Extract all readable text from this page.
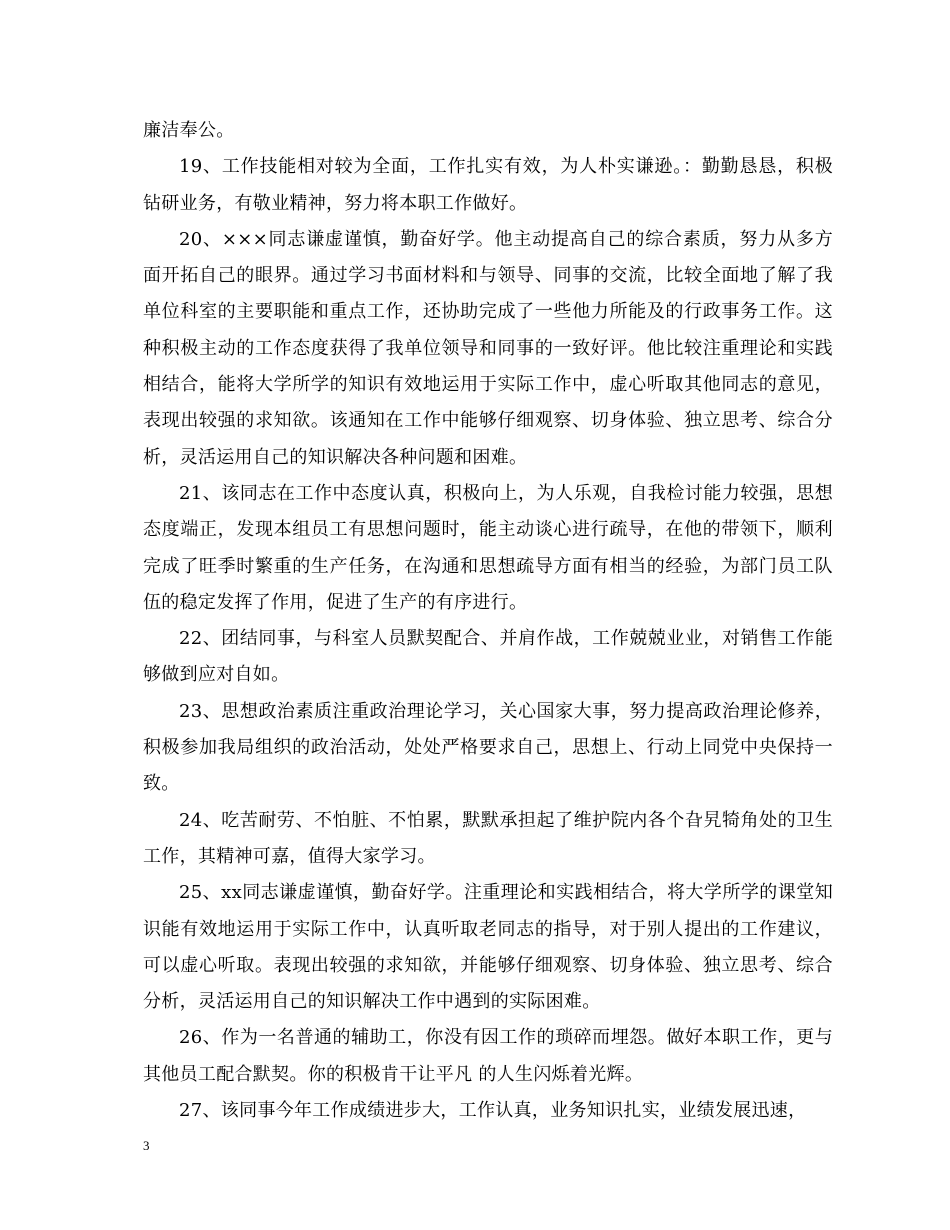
廉洁奉公。

19、工作技能相对较为全面，工作扎实有效，为人朴实谦逊。：勤勤恳恳，积极钻研业务，有敬业精神，努力将本职工作做好。

20、×××同志谦虚谨慎，勤奋好学。他主动提高自己的综合素质，努力从多方面开拓自己的眼界。通过学习书面材料和与领导、同事的交流，比较全面地了解了我单位科室的主要职能和重点工作，还协助完成了一些他力所能及的行政事务工作。这种积极主动的工作态度获得了我单位领导和同事的一致好评。他比较注重理论和实践相结合，能将大学所学的知识有效地运用于实际工作中，虚心听取其他同志的意见，表现出较强的求知欲。该通知在工作中能够仔细观察、切身体验、独立思考、综合分析，灵活运用自己的知识解决各种问题和困难。

21、该同志在工作中态度认真，积极向上，为人乐观，自我检讨能力较强，思想态度端正，发现本组员工有思想问题时，能主动谈心进行疏导，在他的带领下，顺利完成了旺季时繁重的生产任务，在沟通和思想疏导方面有相当的经验，为部门员工队伍的稳定发挥了作用，促进了生产的有序进行。

22、团结同事，与科室人员默契配合、并肩作战，工作兢兢业业，对销售工作能够做到应对自如。

23、思想政治素质注重政治理论学习，关心国家大事，努力提高政治理论修养，积极参加我局组织的政治活动，处处严格要求自己，思想上、行动上同党中央保持一致。

24、吃苦耐劳、不怕脏、不怕累，默默承担起了维护院内各个旮旯犄角处的卫生工作，其精神可嘉，值得大家学习。

25、xx同志谦虚谨慎，勤奋好学。注重理论和实践相结合，将大学所学的课堂知识能有效地运用于实际工作中，认真听取老同志的指导，对于别人提出的工作建议，可以虚心听取。表现出较强的求知欲，并能够仔细观察、切身体验、独立思考、综合分析，灵活运用自己的知识解决工作中遇到的实际困难。

26、作为一名普通的辅助工，你没有因工作的琐碎而埋怨。做好本职工作，更与其他员工配合默契。你的积极肯干让平凡 的人生闪烁着光辉。

27、该同事今年工作成绩进步大，工作认真，业务知识扎实，业绩发展迅速，

3
